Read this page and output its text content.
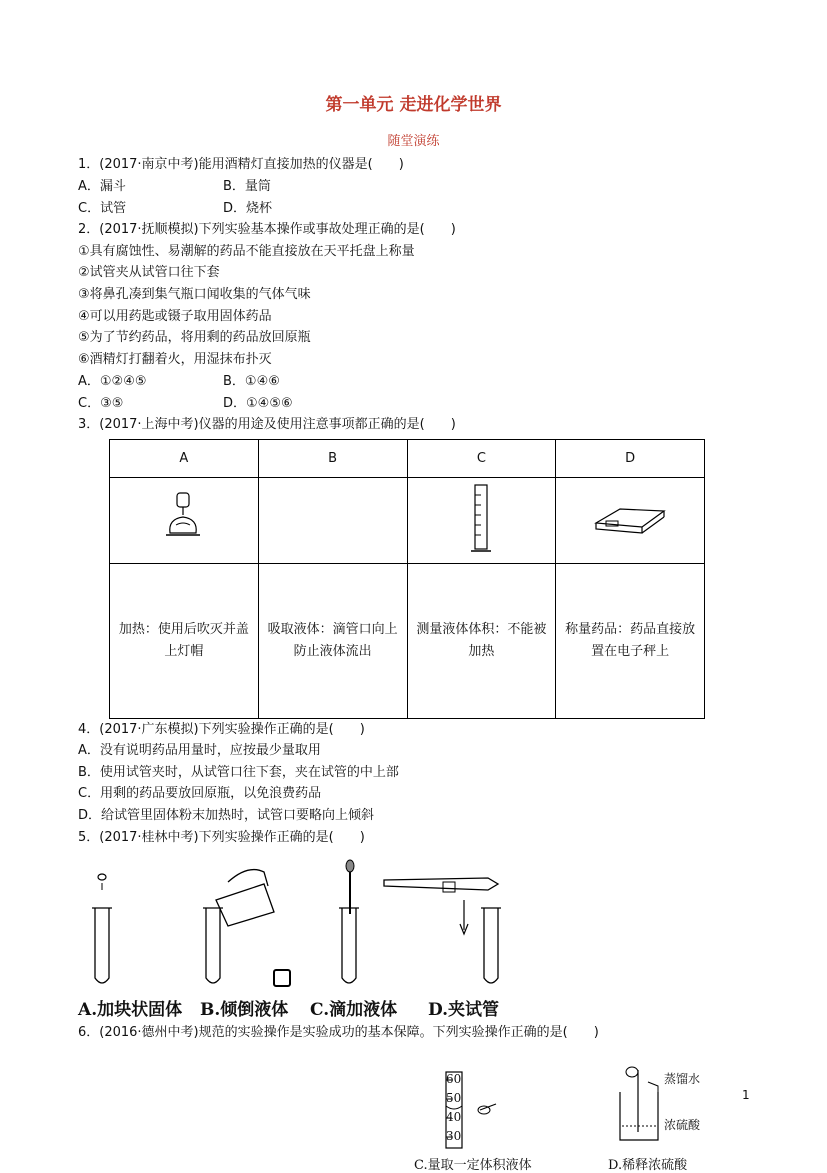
第一单元 走进化学世界
随堂演练
1．(2017·南京中考)能用酒精灯直接加热的仪器是(　　)
A．漏斗	B．量筒
C．试管	D．烧杯
2．(2017·抚顺模拟)下列实验基本操作或事故处理正确的是(　　)
①具有腐蚀性、易潮解的药品不能直接放在天平托盘上称量
②试管夹从试管口往下套
③将鼻孔凑到集气瓶口闻收集的气体气味
④可以用药匙或镊子取用固体药品
⑤为了节约药品，将用剩的药品放回原瓶
⑥酒精灯打翻着火，用湿抹布扑灭
A．①②④⑤	B．①④⑥
C．③⑤	D．①④⑤⑥
3．(2017·上海中考)仪器的用途及使用注意事项都正确的是(　　)
A	B	C	D

加热：使用后吹灭并盖上灯帽	吸取液体：滴管口向上防止液体流出	测量液体体积：不能被加热	称量药品：药品直接放置在电子秤上
4．(2017·广东模拟)下列实验操作正确的是(　　)
A．没有说明药品用量时，应按最少量取用
B．使用试管夹时，从试管口往下套，夹在试管的中上部
C．用剩的药品要放回原瓶，以免浪费药品
D．给试管里固体粉末加热时，试管口要略向上倾斜
5．(2017·桂林中考)下列实验操作正确的是(　　)
A.加块状固体 B.倾倒液体 C.滴加液体 D.夹试管
6．(2016·德州中考)规范的实验操作是实验成功的基本保障。下列实验操作正确的是(　　)
60
50
40
30
蒸馏水
浓硫酸
C.量取一定体积液体	D.稀释浓硫酸
1
